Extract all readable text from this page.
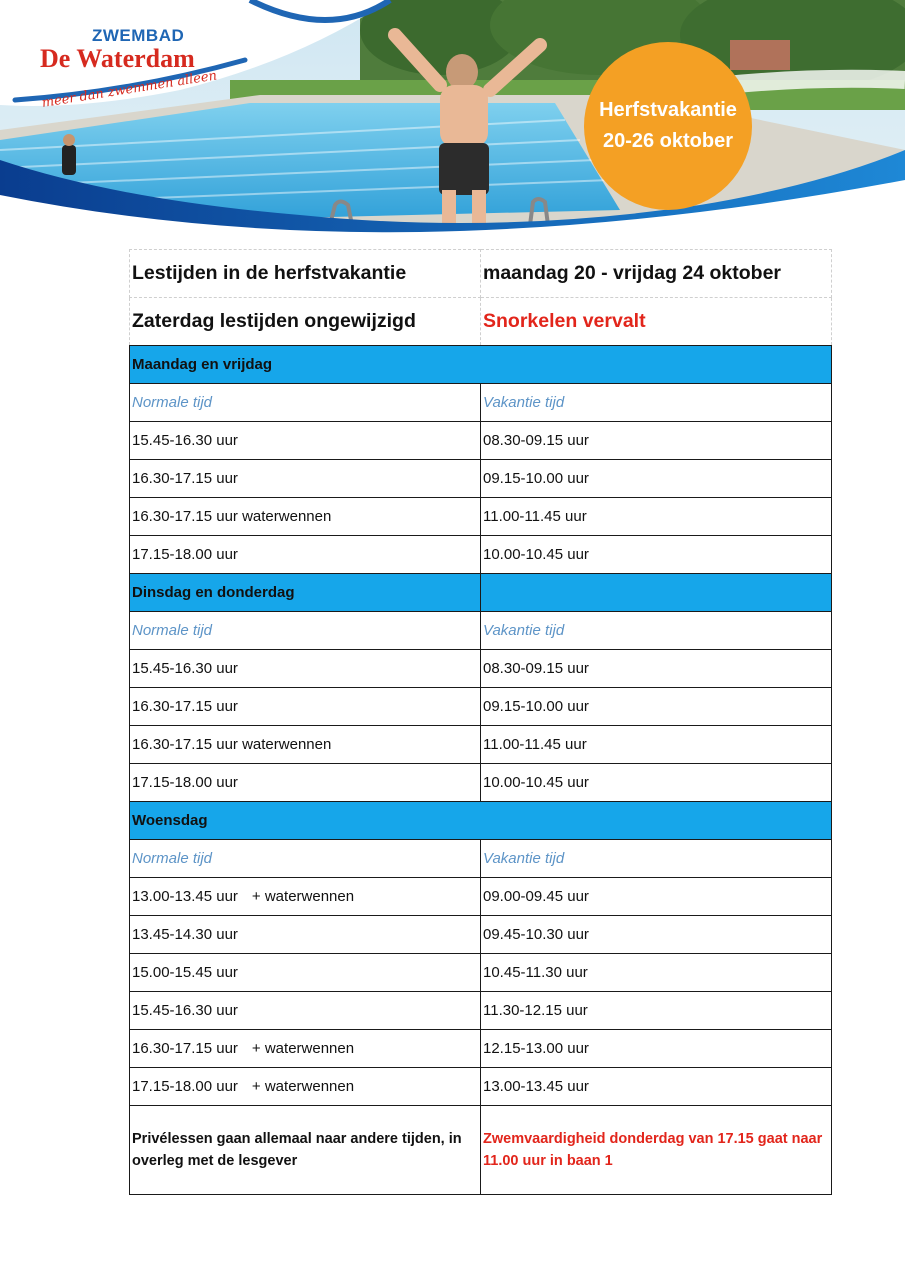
ZWEMBAD
De Waterdam
meer dan zwemmen alleen	Herfstvakantie
20-26 oktober
Lestijden in de herfstvakantie	maandag 20 - vrijdag 24 oktober
Zaterdag lestijden ongewijzigd	Snorkelen vervalt
Maandag en vrijdag	
Normale tijd	Vakantie tijd
15.45-16.30 uur	08.30-09.15 uur
16.30-17.15 uur	09.15-10.00 uur
16.30-17.15 uur waterwennen	11.00-11.45 uur
17.15-18.00 uur	10.00-10.45 uur
Dinsdag en donderdag	
Normale tijd	Vakantie tijd
15.45-16.30 uur	08.30-09.15 uur
16.30-17.15 uur	09.15-10.00 uur
16.30-17.15 uur waterwennen	11.00-11.45 uur
17.15-18.00 uur	10.00-10.45 uur
Woensdag	
Normale tijd	Vakantie tijd
13.00-13.45 uur + waterwennen	09.00-09.45 uur
13.45-14.30 uur	09.45-10.30 uur
15.00-15.45 uur	10.45-11.30 uur
15.45-16.30 uur	11.30-12.15 uur
16.30-17.15 uur + waterwennen	12.15-13.00 uur
17.15-18.00 uur + waterwennen	13.00-13.45 uur
Privélessen gaan allemaal naar andere tijden, in overleg met de lesgever	Zwemvaardigheid donderdag van 17.15 gaat naar 11.00 uur in baan 1
